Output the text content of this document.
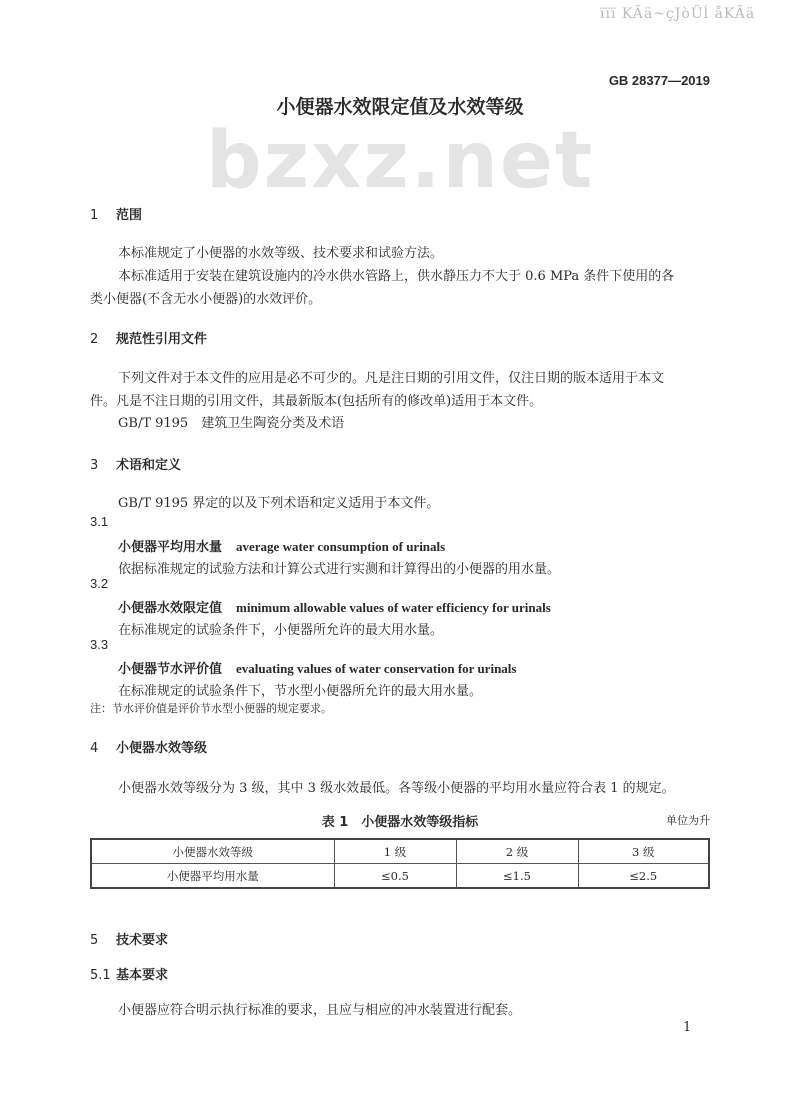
ïïï KÃä~çJòÜĺ åKÃä
GB 28377—2019
小便器水效限定值及水效等级
bzxz.net
1 范围
本标准规定了小便器的水效等级、技术要求和试验方法。
本标准适用于安装在建筑设施内的冷水供水管路上，供水静压力不大于 0.6 MPa 条件下使用的各
类小便器(不含无水小便器)的水效评价。
2 规范性引用文件
下列文件对于本文件的应用是必不可少的。凡是注日期的引用文件，仅注日期的版本适用于本文
件。凡是不注日期的引用文件，其最新版本(包括所有的修改单)适用于本文件。
GB/T 9195　建筑卫生陶瓷分类及术语
3 术语和定义
GB/T 9195 界定的以及下列术语和定义适用于本文件。
3.1
小便器平均用水量 average water consumption of urinals
依据标准规定的试验方法和计算公式进行实测和计算得出的小便器的用水量。
3.2
小便器水效限定值 minimum allowable values of water efficiency for urinals
在标准规定的试验条件下，小便器所允许的最大用水量。
3.3
小便器节水评价值 evaluating values of water conservation for urinals
在标准规定的试验条件下，节水型小便器所允许的最大用水量。
注：节水评价值是评价节水型小便器的规定要求。
4 小便器水效等级
小便器水效等级分为 3 级，其中 3 级水效最低。各等级小便器的平均用水量应符合表 1 的规定。
表 1　小便器水效等级指标	单位为升
小便器水效等级	1 级	2 级	3 级
小便器平均用水量	≤0.5	≤1.5	≤2.5
5 技术要求
5.1 基本要求
小便器应符合明示执行标准的要求，且应与相应的冲水装置进行配套。
1
